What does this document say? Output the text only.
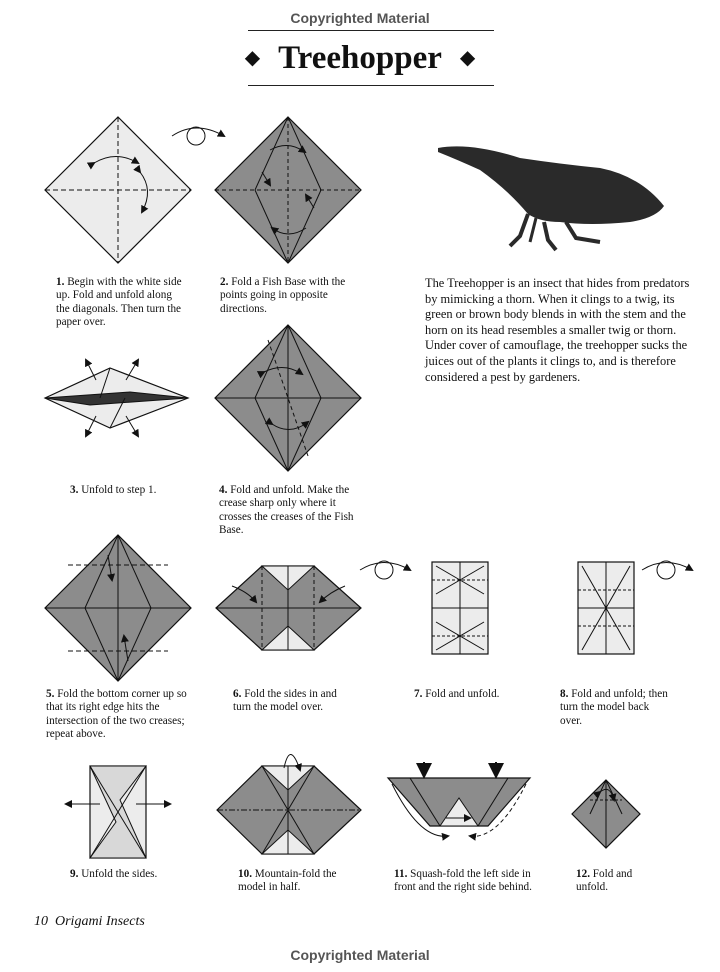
Copyrighted Material
◆ Treehopper ◆
The Treehopper is an insect that hides from predators by mimicking a thorn. When it clings to a twig, its green or brown body blends in with the stem and the horn on its head resembles a smaller twig or thorn. Under cover of camouflage, the treehopper sucks the juices out of the plants it clings to, and is therefore considered a pest by gardeners.
1. Begin with the white side up. Fold and unfold along the diagonals. Then turn the paper over.
2. Fold a Fish Base with the points going in opposite directions.
3. Unfold to step 1.	4. Fold and unfold. Make the crease sharp only where it crosses the creases of the Fish Base.
5. Fold the bottom corner up so that its right edge hits the intersection of the two creases; repeat above.
6. Fold the sides in and turn the model over.
7. Fold and unfold.	8. Fold and unfold; then turn the model back over.
9. Unfold the sides.	10. Mountain-fold the model in half.
11. Squash-fold the left side in front and the right side behind.
12. Fold and unfold.
10 Origami Insects
Copyrighted Material
